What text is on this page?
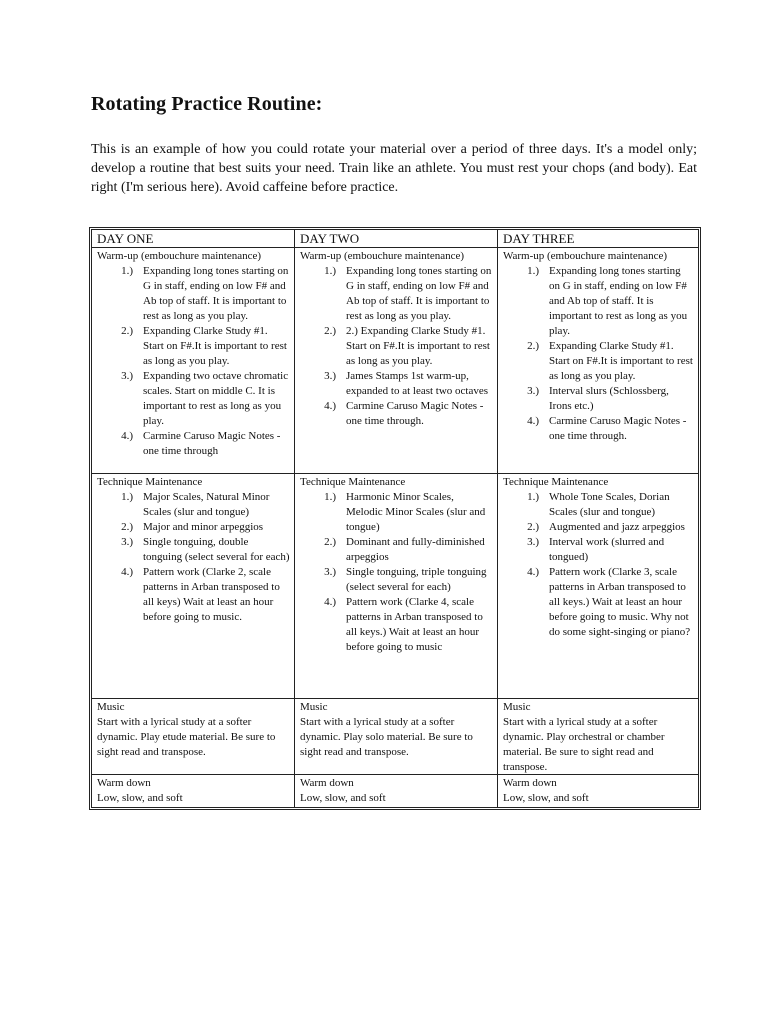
Rotating Practice Routine:

This is an example of how you could rotate your material over a period of three days. It's a model only; develop a routine that best suits your need. Train like an athlete. You must rest your chops (and body). Eat right (I'm serious here). Avoid caffeine before practice.

DAY ONE	DAY TWO	DAY THREE
Warm-up (embouchure maintenance)
1.) Expanding long tones starting on G in staff, ending on low F# and Ab top of staff. It is important to rest as long as you play.
2.) Expanding Clarke Study #1. Start on F#.It is important to rest as long as you play.
3.) Expanding two octave chromatic scales. Start on middle C. It is important to rest as long as you play.
4.) Carmine Caruso Magic Notes - one time through
Warm-up (embouchure maintenance)
1.) Expanding long tones starting on G in staff, ending on low F# and Ab top of staff. It is important to rest as long as you play.
2.) 2.) Expanding Clarke Study #1. Start on F#.It is important to rest as long as you play.
3.) James Stamps 1st warm-up, expanded to at least two octaves
4.) Carmine Caruso Magic Notes - one time through.
Warm-up (embouchure maintenance)
1.) Expanding long tones starting on G in staff, ending on low F# and Ab top of staff. It is important to rest as long as you play.
2.) Expanding Clarke Study #1. Start on F#.It is important to rest as long as you play.
3.) Interval slurs (Schlossberg, Irons etc.)
4.) Carmine Caruso Magic Notes - one time through.
Technique Maintenance
1.) Major Scales, Natural Minor Scales (slur and tongue)
2.) Major and minor arpeggios
3.) Single tonguing, double tonguing (select several for each)
4.) Pattern work (Clarke 2, scale patterns in Arban transposed to all keys) Wait at least an hour before going to music.
Technique Maintenance
1.) Harmonic Minor Scales, Melodic Minor Scales (slur and tongue)
2.) Dominant and fully-diminished arpeggios
3.) Single tonguing, triple tonguing (select several for each)
4.) Pattern work (Clarke 4, scale patterns in Arban transposed to all keys.) Wait at least an hour before going to music
Technique Maintenance
1.) Whole Tone Scales, Dorian Scales (slur and tongue)
2.) Augmented and jazz arpeggios
3.) Interval work (slurred and tongued)
4.) Pattern work (Clarke 3, scale patterns in Arban transposed to all keys.) Wait at least an hour before going to music. Why not do some sight-singing or piano?
Music
Start with a lyrical study at a softer dynamic. Play etude material. Be sure to sight read and transpose.
Music
Start with a lyrical study at a softer dynamic. Play solo material. Be sure to sight read and transpose.
Music
Start with a lyrical study at a softer dynamic. Play orchestral or chamber material. Be sure to sight read and transpose.
Warm down
Low, slow, and soft
Warm down
Low, slow, and soft
Warm down
Low, slow, and soft
